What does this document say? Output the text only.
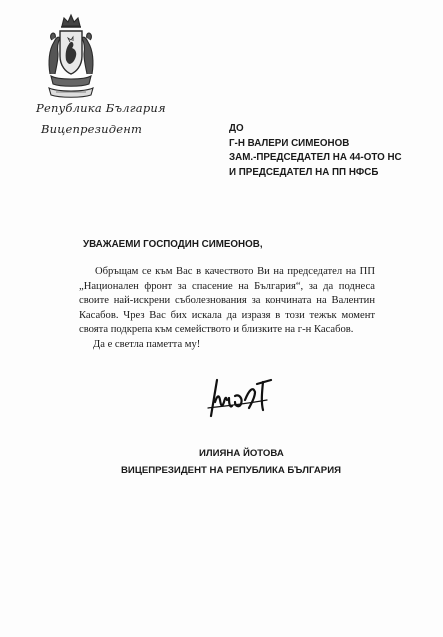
Република България
Вицепрезидент	ДО
Г-Н ВАЛЕРИ СИМЕОНОВ
ЗАМ.-ПРЕДСЕДАТЕЛ НА 44-ОТО НС
И ПРЕДСЕДАТЕЛ НА ПП НФСБ
УВАЖАЕМИ ГОСПОДИН СИМЕОНОВ,

Обръщам се към Вас в качеството Ви на председател на ПП „Национален фронт за спасение на България“, за да поднеса своите най-искрени съболезнования за кончината на Валентин Касабов. Чрез Вас бих искала да изразя в този тежък момент своята подкрепа към семейството и близките на г-н Касабов.

Да е светла паметта му!

ИЛИЯНА ЙОТОВА
ВИЦЕПРЕЗИДЕНТ НА РЕПУБЛИКА БЪЛГАРИЯ
